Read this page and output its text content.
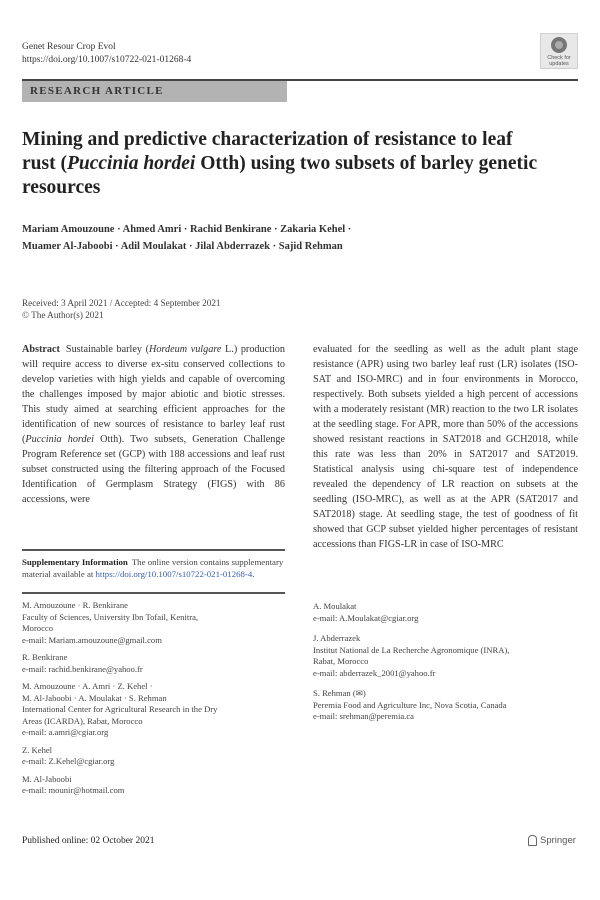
Genet Resour Crop Evol
https://doi.org/10.1007/s10722-021-01268-4	Check for updates
RESEARCH ARTICLE
Mining and predictive characterization of resistance to leaf rust (Puccinia hordei Otth) using two subsets of barley genetic resources
Mariam Amouzoune · Ahmed Amri · Rachid Benkirane · Zakaria Kehel ·
Muamer Al-Jaboobi · Adil Moulakat · Jilal Abderrazek · Sajid Rehman
Received: 3 April 2021 / Accepted: 4 September 2021
© The Author(s) 2021
Abstract Sustainable barley (Hordeum vulgare L.) production will require access to diverse ex-situ conserved collections to develop varieties with high yields and capable of overcoming the challenges imposed by major abiotic and biotic stresses. This study aimed at searching efficient approaches for the identification of new sources of resistance to barley leaf rust (Puccinia hordei Otth). Two subsets, Generation Challenge Program Reference set (GCP) with 188 accessions and leaf rust subset constructed using the filtering approach of the Focused Identification of Germplasm Strategy (FIGS) with 86 accessions, were
evaluated for the seedling as well as the adult plant stage resistance (APR) using two barley leaf rust (LR) isolates (ISO-SAT and ISO-MRC) and in four environments in Morocco, respectively. Both subsets yielded a high percent of accessions with a moderately resistant (MR) reaction to the two LR isolates at the seedling stage. For APR, more than 50% of the accessions showed resistant reactions in SAT2018 and GCH2018, while this rate was less than 20% in SAT2017 and SAT2019. Statistical analysis using chi-square test of independence revealed the dependency of LR reaction on subsets at the seedling (ISO-MRC), as well as at the APR (SAT2017 and SAT2018) stage. At seedling stage, the test of goodness of fit showed that GCP subset yielded higher percentages of resistant accessions than FIGS-LR in case of ISO-MRC
Supplementary Information The online version contains supplementary material available at https://doi.org/10.1007/s10722-021-01268-4.
M. Amouzoune · R. Benkirane
Faculty of Sciences, University Ibn Tofail, Kenitra,
Morocco
e-mail: Mariam.amouzoune@gmail.com
R. Benkirane
e-mail: rachid.benkirane@yahoo.fr
M. Amouzoune · A. Amri · Z. Kehel ·
M. Al-Jaboobi · A. Moulakat · S. Rehman
International Center for Agricultural Research in the Dry
Areas (ICARDA), Rabat, Morocco
e-mail: a.amri@cgiar.org
Z. Kehel
e-mail: Z.Kehel@cgiar.org
M. Al-Jaboobi
e-mail: mounir@hotmail.com
A. Moulakat
e-mail: A.Moulakat@cgiar.org
J. Abderrazek
Institut National de La Recherche Agronomique (INRA),
Rabat, Morocco
e-mail: abderrazek_2001@yahoo.fr
S. Rehman (✉)
Peremia Food and Agriculture Inc, Nova Scotia, Canada
e-mail: srehman@peremia.ca
Published online: 02 October 2021	Springer
